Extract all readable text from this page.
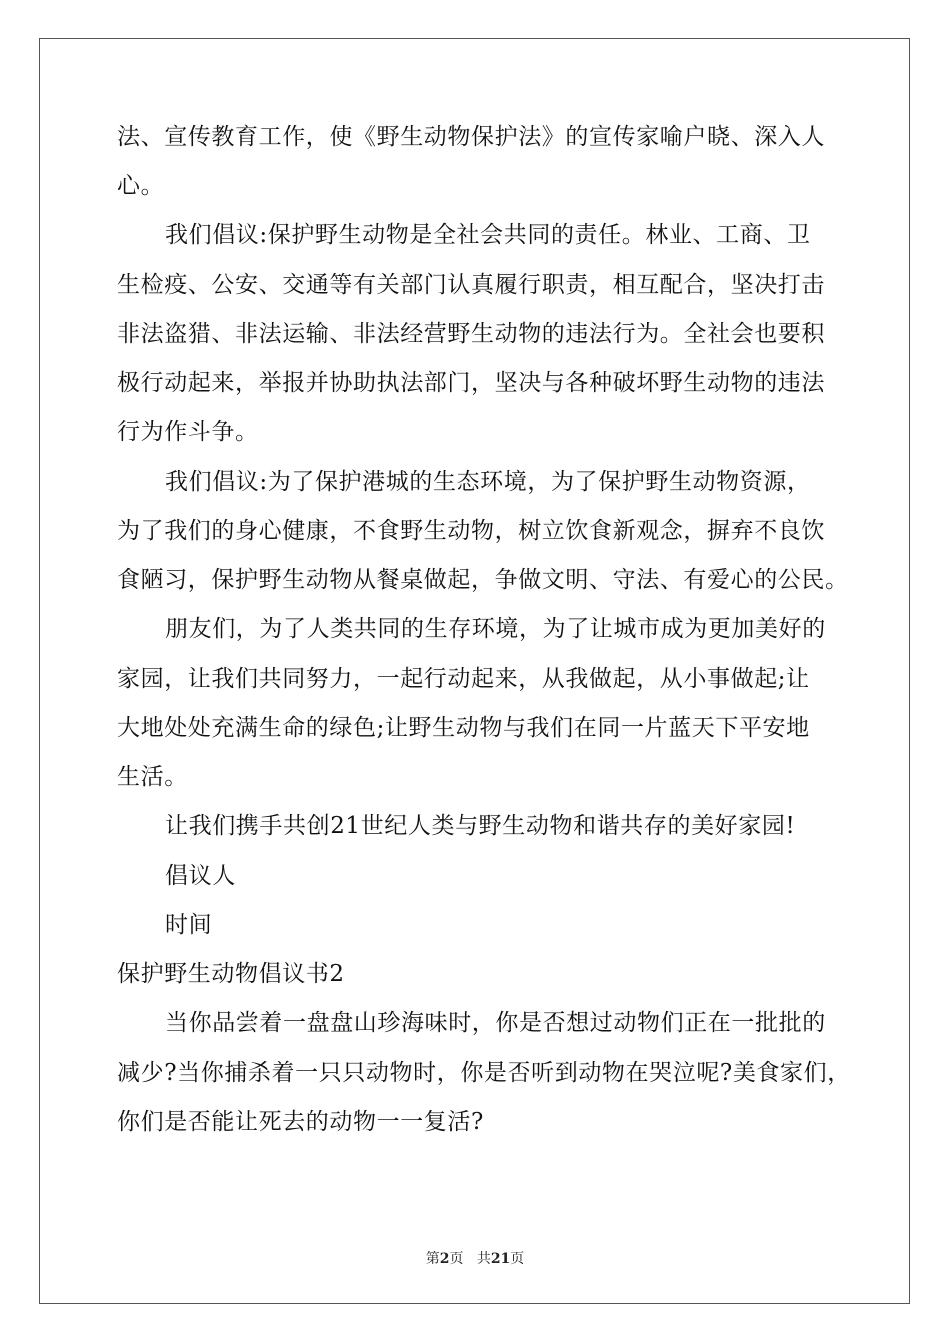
法、宣传教育工作，使《野生动物保护法》的宣传家喻户晓、深入人
心。
我们倡议:保护野生动物是全社会共同的责任。林业、工商、卫
生检疫、公安、交通等有关部门认真履行职责，相互配合，坚决打击
非法盗猎、非法运输、非法经营野生动物的违法行为。全社会也要积
极行动起来，举报并协助执法部门，坚决与各种破坏野生动物的违法
行为作斗争。
我们倡议:为了保护港城的生态环境，为了保护野生动物资源，
为了我们的身心健康，不食野生动物，树立饮食新观念，摒弃不良饮
食陋习，保护野生动物从餐桌做起，争做文明、守法、有爱心的公民。
朋友们，为了人类共同的生存环境，为了让城市成为更加美好的
家园，让我们共同努力，一起行动起来，从我做起，从小事做起;让
大地处处充满生命的绿色;让野生动物与我们在同一片蓝天下平安地
生活。
让我们携手共创21世纪人类与野生动物和谐共存的美好家园!
倡议人
时间
保护野生动物倡议书2
当你品尝着一盘盘山珍海味时，你是否想过动物们正在一批批的
减少?当你捕杀着一只只动物时，你是否听到动物在哭泣呢?美食家们，
你们是否能让死去的动物一一复活?
第2页 共21页
